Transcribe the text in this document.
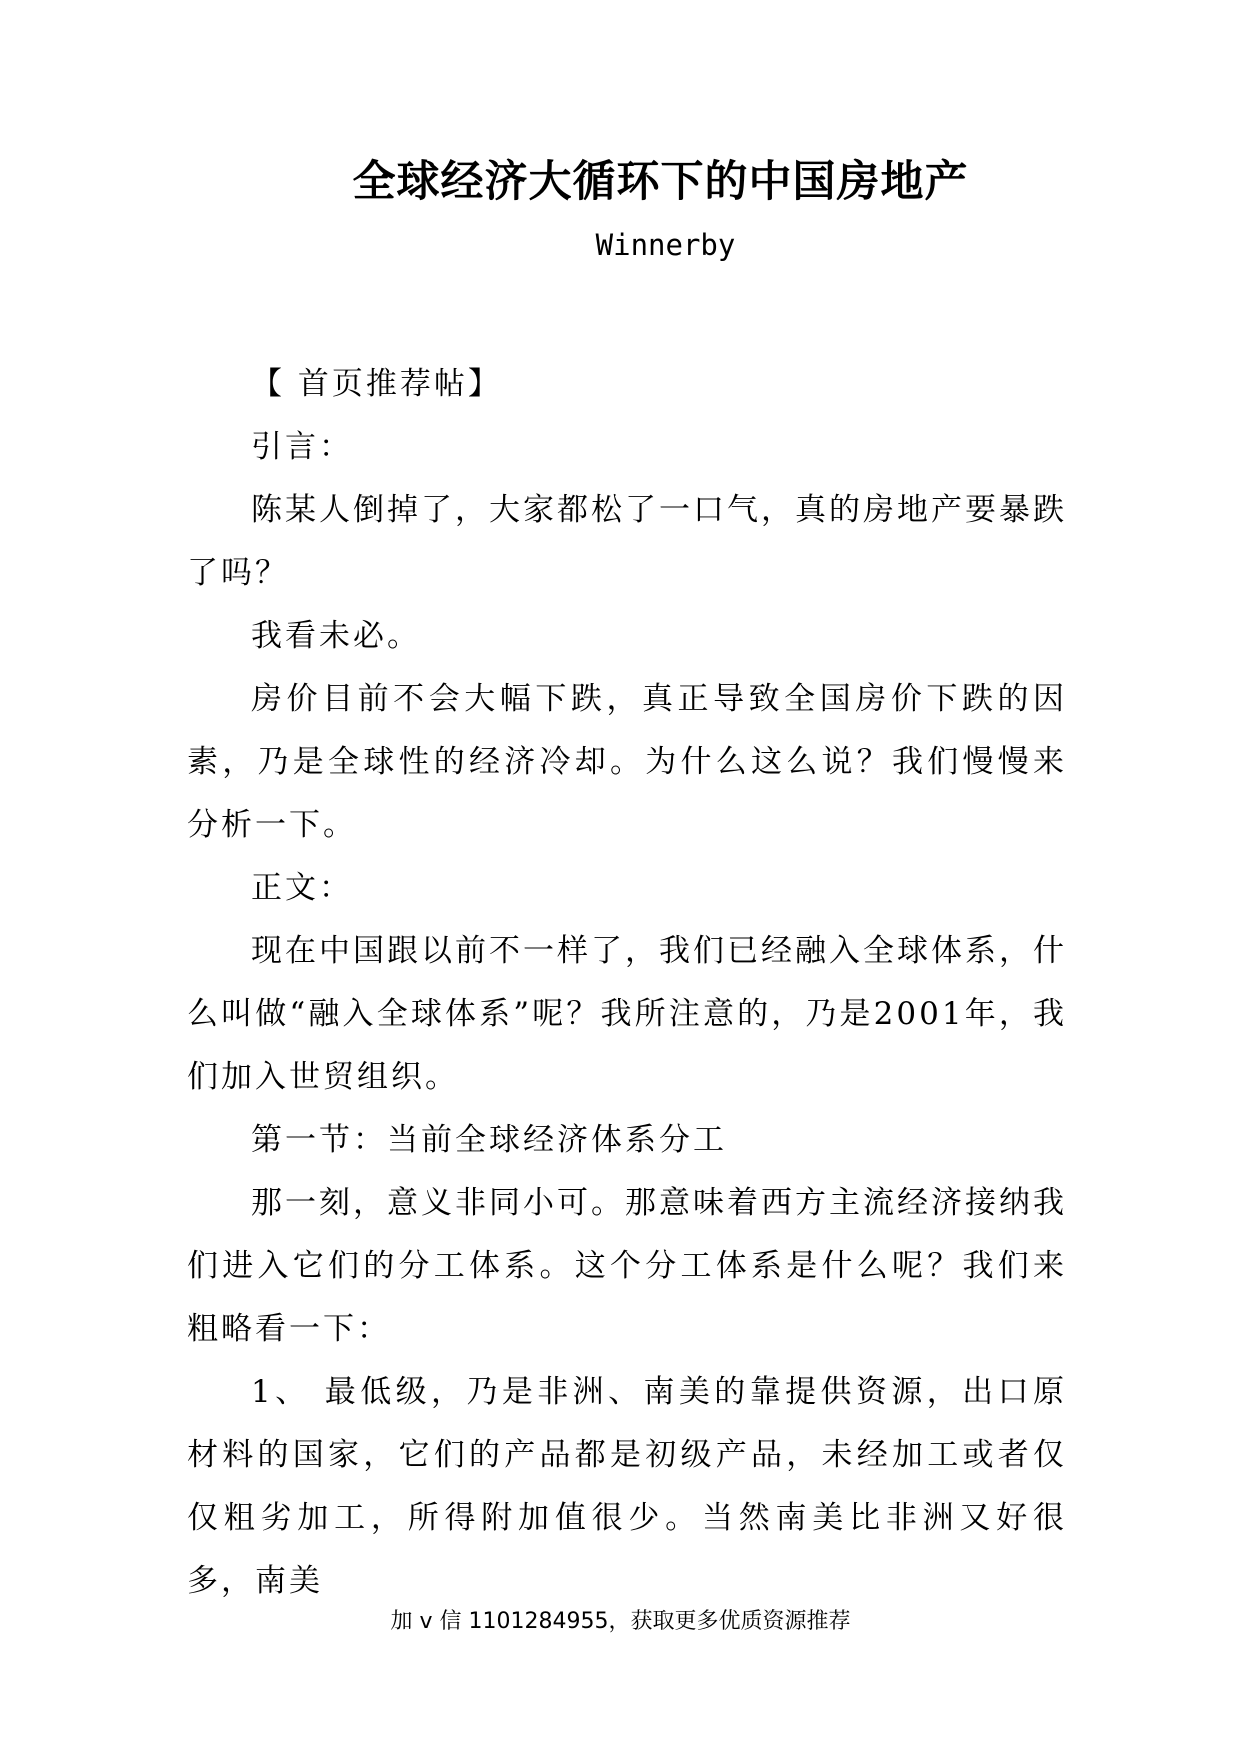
全球经济大循环下的中国房地产
Winnerby

【 首页推荐帖】

引言：

陈某人倒掉了，大家都松了一口气，真的房地产要暴跌了吗？

我看未必。

房价目前不会大幅下跌，真正导致全国房价下跌的因素，乃是全球性的经济冷却。为什么这么说？我们慢慢来分析一下。

正文：

现在中国跟以前不一样了，我们已经融入全球体系，什么叫做“融入全球体系”呢？我所注意的，乃是2001年，我们加入世贸组织。

第一节：当前全球经济体系分工

那一刻，意义非同小可。那意味着西方主流经济接纳我们进入它们的分工体系。这个分工体系是什么呢？我们来粗略看一下：

1、 最低级，乃是非洲、南美的靠提供资源，出口原材料的国家，它们的产品都是初级产品，未经加工或者仅仅粗劣加工，所得附加值很少。当然南美比非洲又好很多，南美

加 v 信 1101284955，获取更多优质资源推荐
